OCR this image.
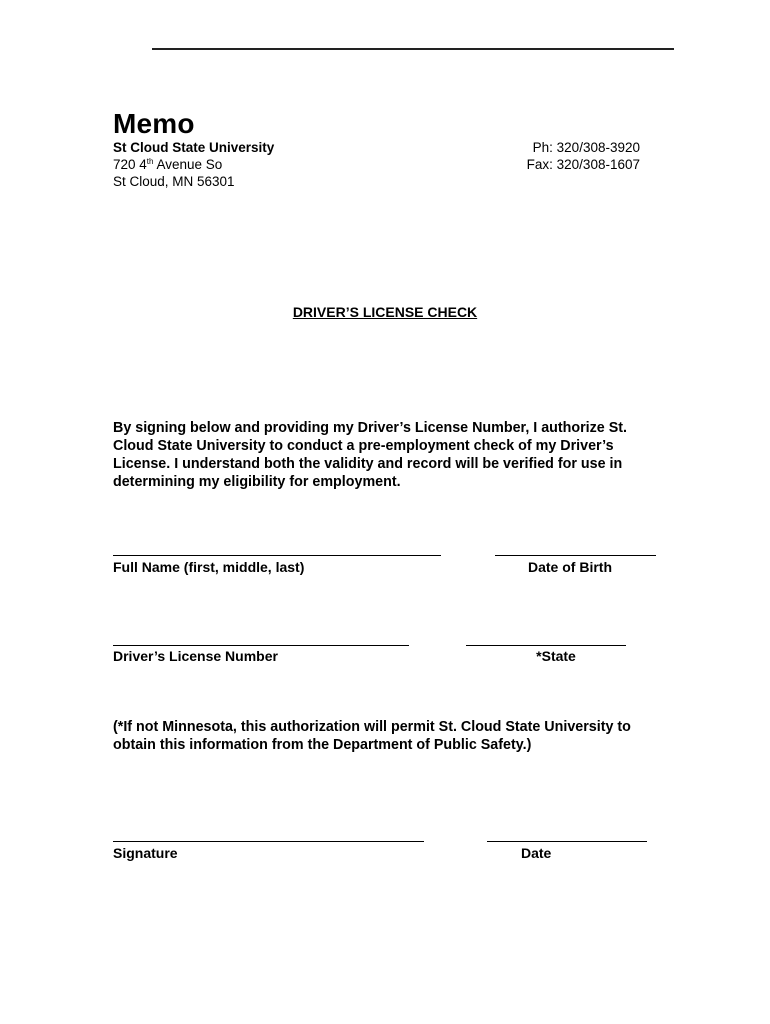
Memo
St Cloud State University
720 4th Avenue So
St Cloud, MN 56301
Ph: 320/308-3920
Fax: 320/308-1607
DRIVER’S LICENSE CHECK
By signing below and providing my Driver’s License Number, I authorize St. Cloud State University to conduct a pre-employment check of my Driver’s License. I understand both the validity and record will be verified for use in determining my eligibility for employment.
Full Name (first, middle, last)	Date of Birth
Driver’s License Number	*State
(*If not Minnesota, this authorization will permit St. Cloud State University to obtain this information from the Department of Public Safety.)
Signature	Date
